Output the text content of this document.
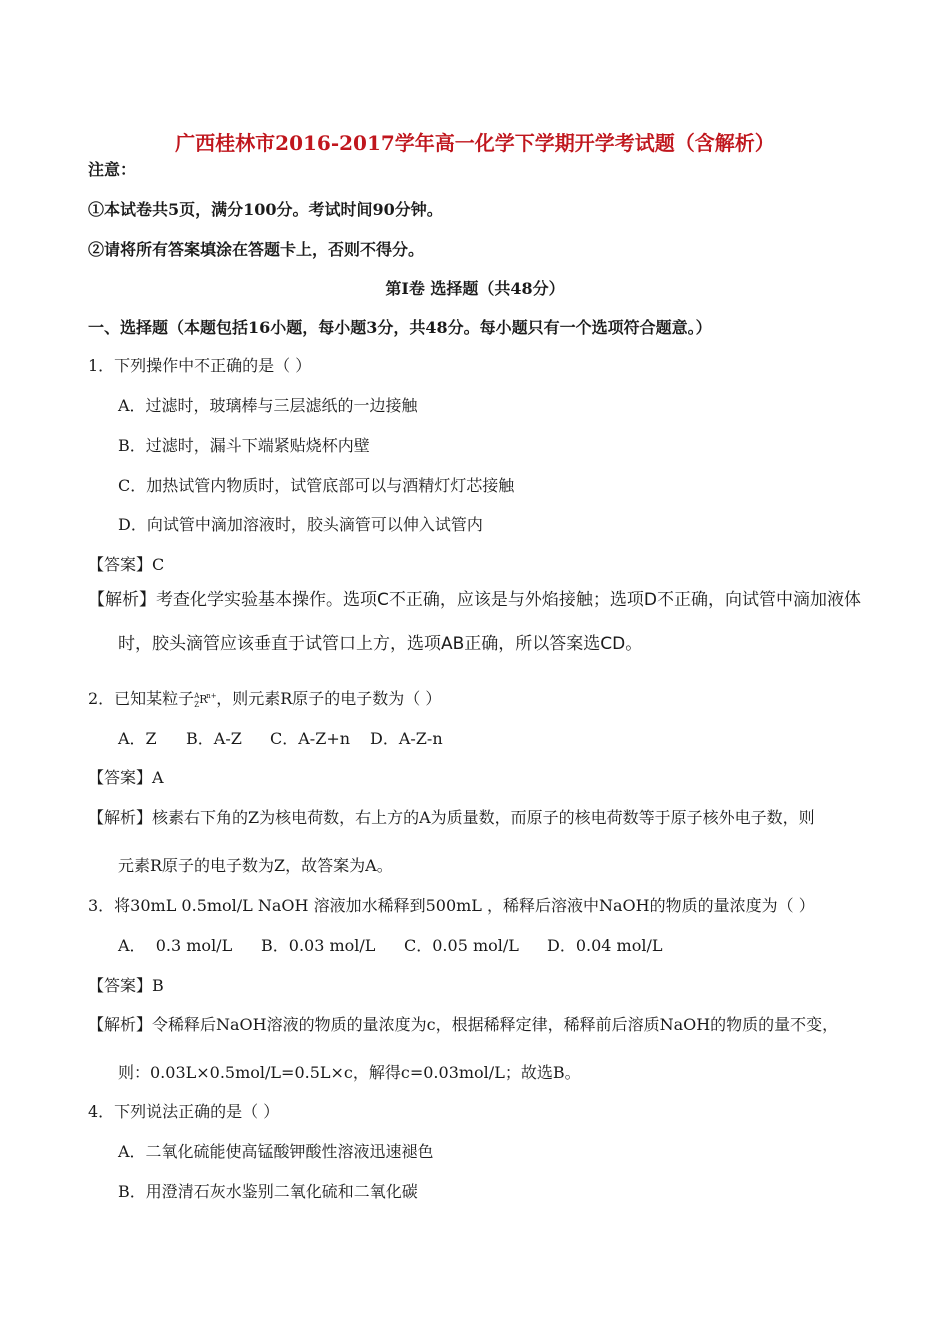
广西桂林市2016-2017学年高一化学下学期开学考试题（含解析）
注意：
①本试卷共5页，满分100分。考试时间90分钟。
②请将所有答案填涂在答题卡上，否则不得分。
第Ⅰ卷 选择题（共48分）
一、选择题（本题包括16小题，每小题3分，共48分。每小题只有一个选项符合题意。）
1．下列操作中不正确的是（ ）
A．过滤时，玻璃棒与三层滤纸的一边接触
B．过滤时，漏斗下端紧贴烧杯内壁
C．加热试管内物质时，试管底部可以与酒精灯灯芯接触
D．向试管中滴加溶液时，胶头滴管可以伸入试管内
【答案】C
【解析】考查化学实验基本操作。选项C不正确，应该是与外焰接触；选项D不正确，向试管中滴加液体
时，胶头滴管应该垂直于试管口上方，选项AB正确，所以答案选CD。
2．已知某粒子 A
Z R
n+ ，则元素R原子的电子数为（ ）
A．Z B．A-Z C．A-Z+n D．A-Z-n
【答案】A
【解析】核素右下角的Z为核电荷数，右上方的A为质量数，而原子的核电荷数等于原子核外电子数，则
元素R原子的电子数为Z，故答案为A。
3．将30mL 0.5mol/L NaOH 溶液加水稀释到500mL ，稀释后溶液中NaOH的物质的量浓度为（ ）
A．  0.3 mol/L B．0.03 mol/L C．0.05 mol/L D．0.04 mol/L
【答案】B
【解析】令稀释后NaOH溶液的物质的量浓度为c，根据稀释定律，稀释前后溶质NaOH的物质的量不变，
则：0.03L×0.5mol/L=0.5L×c，解得c=0.03mol/L；故选B。
4．下列说法正确的是（ ）
A．二氧化硫能使高锰酸钾酸性溶液迅速褪色
B．用澄清石灰水鉴别二氧化硫和二氧化碳
